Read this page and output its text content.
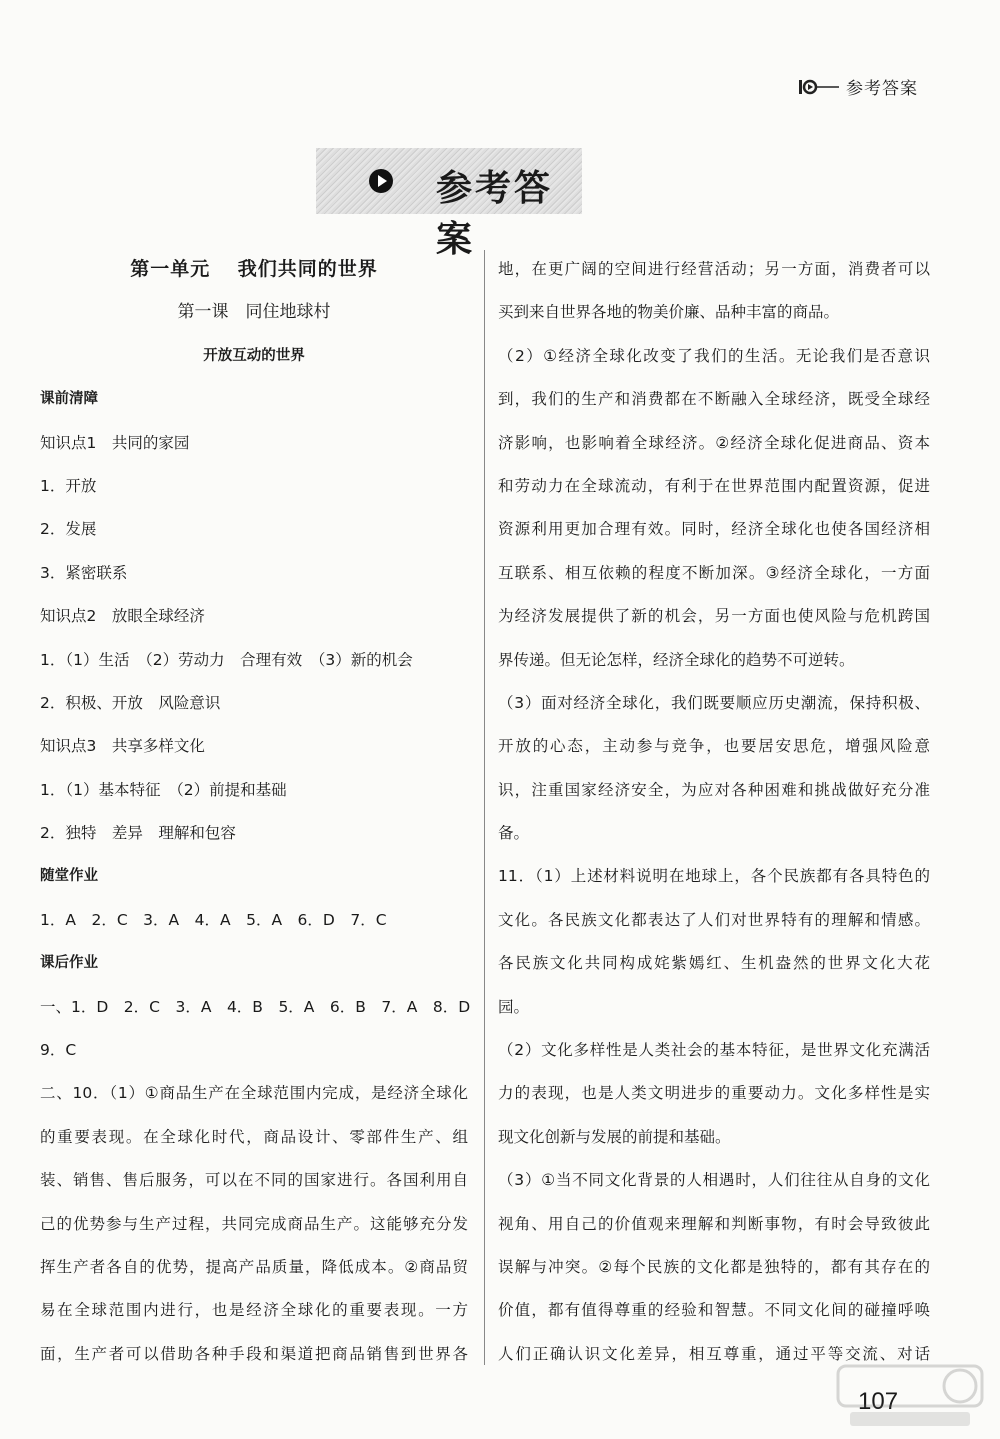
参考答案
参考答案
第一单元　 我们共同的世界
第一课　同住地球村
开放互动的世界
课前清障
知识点1　共同的家园
1．开放
2．发展
3．紧密联系
知识点2　放眼全球经济
1．（1）生活　（2）劳动力　合理有效　（3）新的机会
2．积极、开放　风险意识
知识点3　共享多样文化
1．（1）基本特征　（2）前提和基础
2．独特　差异　理解和包容
随堂作业
1．A　2．C　3．A　4．A　5．A　6．D　7．C
课后作业
一、1．D　2．C　3．A　4．B　5．A　6．B　7．A　8．D
9．C
二、10．（1）①商品生产在全球范围内完成，是经济全球化
的重要表现。在全球化时代，商品设计、零部件生产、组
装、销售、售后服务，可以在不同的国家进行。各国利用自
己的优势参与生产过程，共同完成商品生产。这能够充分发
挥生产者各自的优势，提高产品质量，降低成本。②商品贸
易在全球范围内进行，也是经济全球化的重要表现。一方
面，生产者可以借助各种手段和渠道把商品销售到世界各
地，在更广阔的空间进行经营活动；另一方面，消费者可以
买到来自世界各地的物美价廉、品种丰富的商品。
（2）①经济全球化改变了我们的生活。无论我们是否意识
到，我们的生产和消费都在不断融入全球经济，既受全球经
济影响，也影响着全球经济。②经济全球化促进商品、资本
和劳动力在全球流动，有利于在世界范围内配置资源，促进
资源利用更加合理有效。同时，经济全球化也使各国经济相
互联系、相互依赖的程度不断加深。③经济全球化，一方面
为经济发展提供了新的机会，另一方面也使风险与危机跨国
界传递。但无论怎样，经济全球化的趋势不可逆转。
（3）面对经济全球化，我们既要顺应历史潮流，保持积极、
开放的心态，主动参与竞争，也要居安思危，增强风险意
识，注重国家经济安全，为应对各种困难和挑战做好充分准
备。
11．（1）上述材料说明在地球上，各个民族都有各具特色的
文化。各民族文化都表达了人们对世界特有的理解和情感。
各民族文化共同构成姹紫嫣红、生机盎然的世界文化大花
园。
（2）文化多样性是人类社会的基本特征，是世界文化充满活
力的表现，也是人类文明进步的重要动力。文化多样性是实
现文化创新与发展的前提和基础。
（3）①当不同文化背景的人相遇时，人们往往从自身的文化
视角、用自己的价值观来理解和判断事物，有时会导致彼此
误解与冲突。②每个民族的文化都是独特的，都有其存在的
价值，都有值得尊重的经验和智慧。不同文化间的碰撞呼唤
人们正确认识文化差异，相互尊重，通过平等交流、对话
107
